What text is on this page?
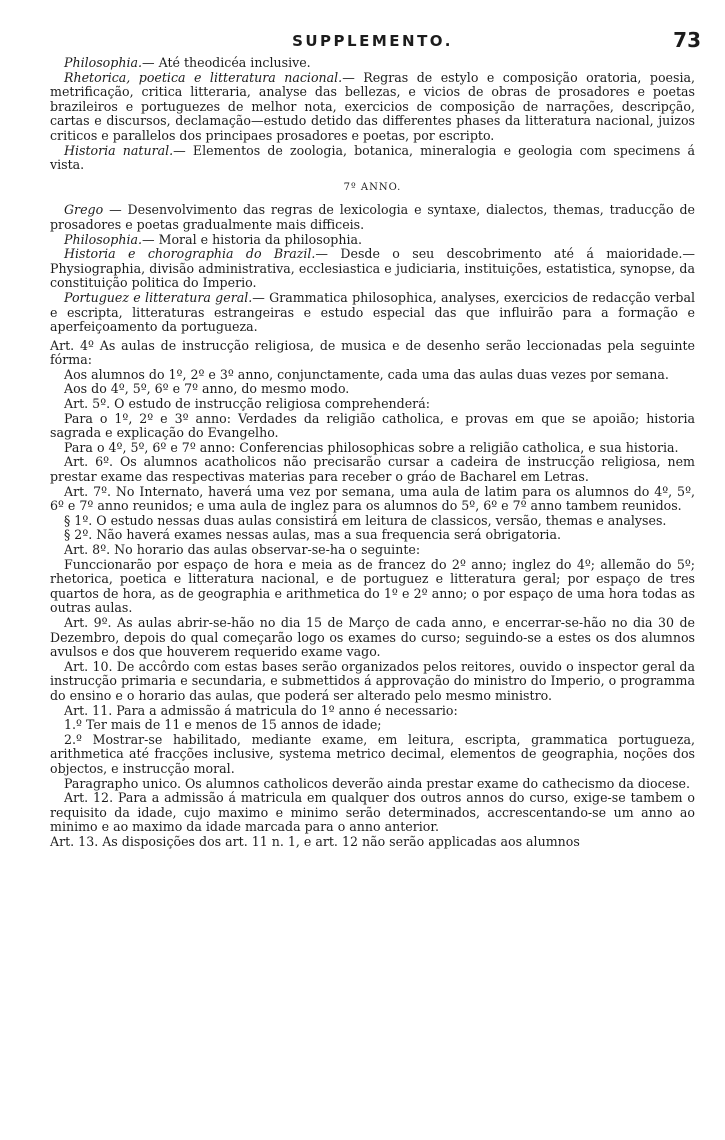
SUPPLEMENTO.	73

Philosophia.— Até theodicéa inclusive.

Rhetorica, poetica e litteratura nacional.— Regras de estylo e composição oratoria, poesia, metrificação, critica litteraria, analyse das bellezas, e vicios de obras de prosadores e poetas brazileiros e portuguezes de melhor nota, exercicios de composição de narrações, descripção, cartas e discursos, declamação—estudo detido das differentes phases da litteratura nacional, juizos criticos e parallelos dos principaes prosadores e poetas, por escripto.

Historia natural.— Elementos de zoologia, botanica, mineralogia e geologia com specimens á vista.

7º ANNO.

Grego — Desenvolvimento das regras de lexicologia e syntaxe, dialectos, themas, traducção de prosadores e poetas gradualmente mais difficeis.

Philosophia.— Moral e historia da philosophia.

Historia e chorographia do Brazil.— Desde o seu descobrimento até á maioridade.—Physiographia, divisão administrativa, ecclesiastica e judiciaria, instituições, estatistica, synopse, da constituição politica do Imperio.

Portuguez e litteratura geral.— Grammatica philosophica, analyses, exercicios de redacção verbal e escripta, litteraturas estrangeiras e estudo especial das que influirão para a formação e aperfeiçoamento da portugueza.

Art. 4º As aulas de instrucção religiosa, de musica e de desenho serão leccionadas pela seguinte fórma:

Aos alumnos do 1º, 2º e 3º anno, conjunctamente, cada uma das aulas duas vezes por semana.

Aos do 4º, 5º, 6º e 7º anno, do mesmo modo.

Art. 5º. O estudo de instrucção religiosa comprehenderá:

Para o 1º, 2º e 3º anno: Verdades da religião catholica, e provas em que se apoião; historia sagrada e explicação do Evangelho.

Para o 4º, 5º, 6º e 7º anno: Conferencias philosophicas sobre a religião catholica, e sua historia.

Art. 6º. Os alumnos acatholicos não precisarão cursar a cadeira de instrucção religiosa, nem prestar exame das respectivas materias para receber o gráo de Bacharel em Letras.

Art. 7º. No Internato, haverá uma vez por semana, uma aula de latim para os alumnos do 4º, 5º, 6º e 7º anno reunidos; e uma aula de inglez para os alumnos do 5º, 6º e 7º anno tambem reunidos.

§ 1º. O estudo nessas duas aulas consistirá em leitura de classicos, versão, themas e analyses.

§ 2º. Não haverá exames nessas aulas, mas a sua frequencia será obrigatoria.

Art. 8º. No horario das aulas observar-se-ha o seguinte:

Funccionarão por espaço de hora e meia as de francez do 2º anno; inglez do 4º; allemão do 5º; rhetorica, poetica e litteratura nacional, e de portuguez e litteratura geral; por espaço de tres quartos de hora, as de geographia e arithmetica do 1º e 2º anno; o por espaço de uma hora todas as outras aulas.

Art. 9º. As aulas abrir-se-hão no dia 15 de Março de cada anno, e encerrar-se-hão no dia 30 de Dezembro, depois do qual começarão logo os exames do curso; seguindo-se a estes os dos alumnos avulsos e dos que houverem requerido exame vago.

Art. 10. De accôrdo com estas bases serão organizados pelos reitores, ouvido o inspector geral da instrucção primaria e secundaria, e submettidos á approvação do ministro do Imperio, o programma do ensino e o horario das aulas, que poderá ser alterado pelo mesmo ministro.

Art. 11. Para a admissão á matricula do 1º anno é necessario:

1.º Ter mais de 11 e menos de 15 annos de idade;

2.º Mostrar-se habilitado, mediante exame, em leitura, escripta, grammatica portugueza, arithmetica até fracções inclusive, systema metrico decimal, elementos de geographia, noções dos objectos, e instrucção moral.

Paragrapho unico. Os alumnos catholicos deverão ainda prestar exame do cathecismo da diocese.

Art. 12. Para a admissão á matricula em qualquer dos outros annos do curso, exige-se tambem o requisito da idade, cujo maximo e minimo serão determinados, accrescentando-se um anno ao minimo e ao maximo da idade marcada para o anno anterior.

Art. 13. As disposições dos art. 11 n. 1, e art. 12 não serão applicadas aos alumnos
